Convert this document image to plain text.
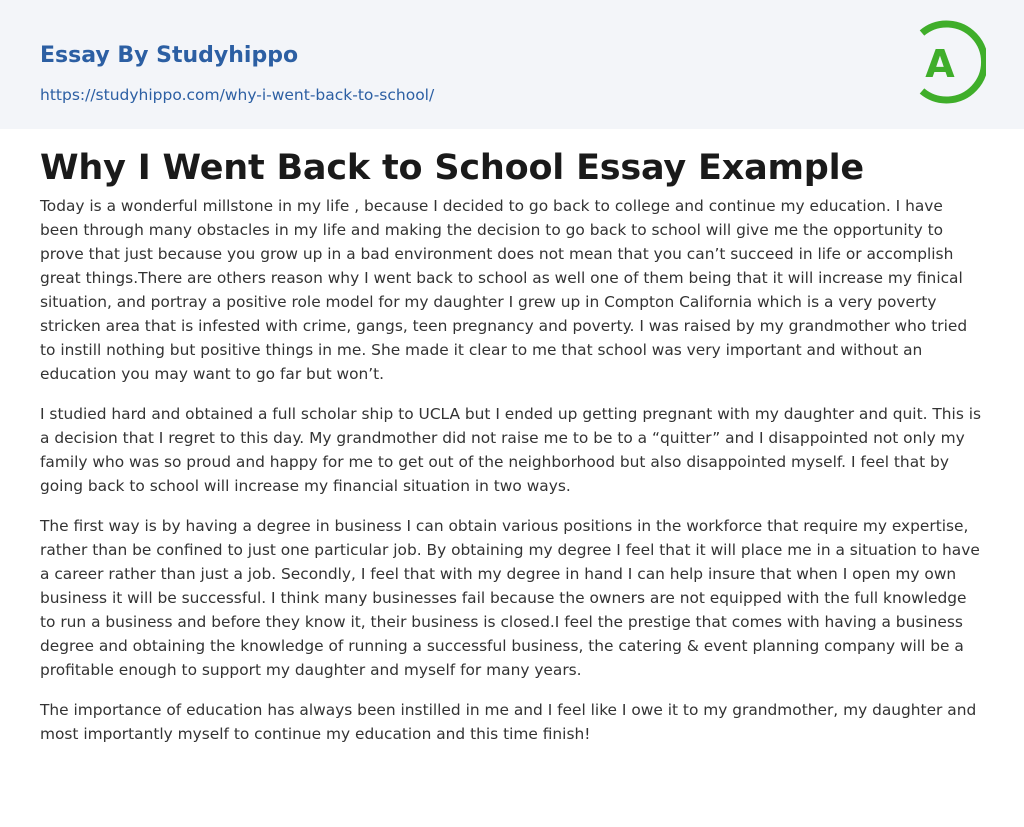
Essay By Studyhippo
https://studyhippo.com/why-i-went-back-to-school/
A
Why I Went Back to School Essay Example

Today is a wonderful millstone in my life , because I decided to go back to college and continue my education. I have been through many obstacles in my life and making the decision to go back to school will give me the opportunity to prove that just because you grow up in a bad environment does not mean that you can’t succeed in life or accomplish great things.There are others reason why I went back to school as well one of them being that it will increase my finical situation, and portray a positive role model for my daughter I grew up in Compton California which is a very poverty stricken area that is infested with crime, gangs, teen pregnancy and poverty. I was raised by my grandmother who tried to instill nothing but positive things in me. She made it clear to me that school was very important and without an education you may want to go far but won’t.

I studied hard and obtained a full scholar ship to UCLA but I ended up getting pregnant with my daughter and quit. This is a decision that I regret to this day. My grandmother did not raise me to be to a “quitter” and I disappointed not only my family who was so proud and happy for me to get out of the neighborhood but also disappointed myself. I feel that by going back to school will increase my financial situation in two ways.

The first way is by having a degree in business I can obtain various positions in the workforce that require my expertise, rather than be confined to just one particular job. By obtaining my degree I feel that it will place me in a situation to have a career rather than just a job. Secondly, I feel that with my degree in hand I can help insure that when I open my own business it will be successful. I think many businesses fail because the owners are not equipped with the full knowledge to run a business and before they know it, their business is closed.I feel the prestige that comes with having a business degree and obtaining the knowledge of running a successful business, the catering & event planning company will be a profitable enough to support my daughter and myself for many years.

The importance of education has always been instilled in me and I feel like I owe it to my grandmother, my daughter and most importantly myself to continue my education and this time finish!
